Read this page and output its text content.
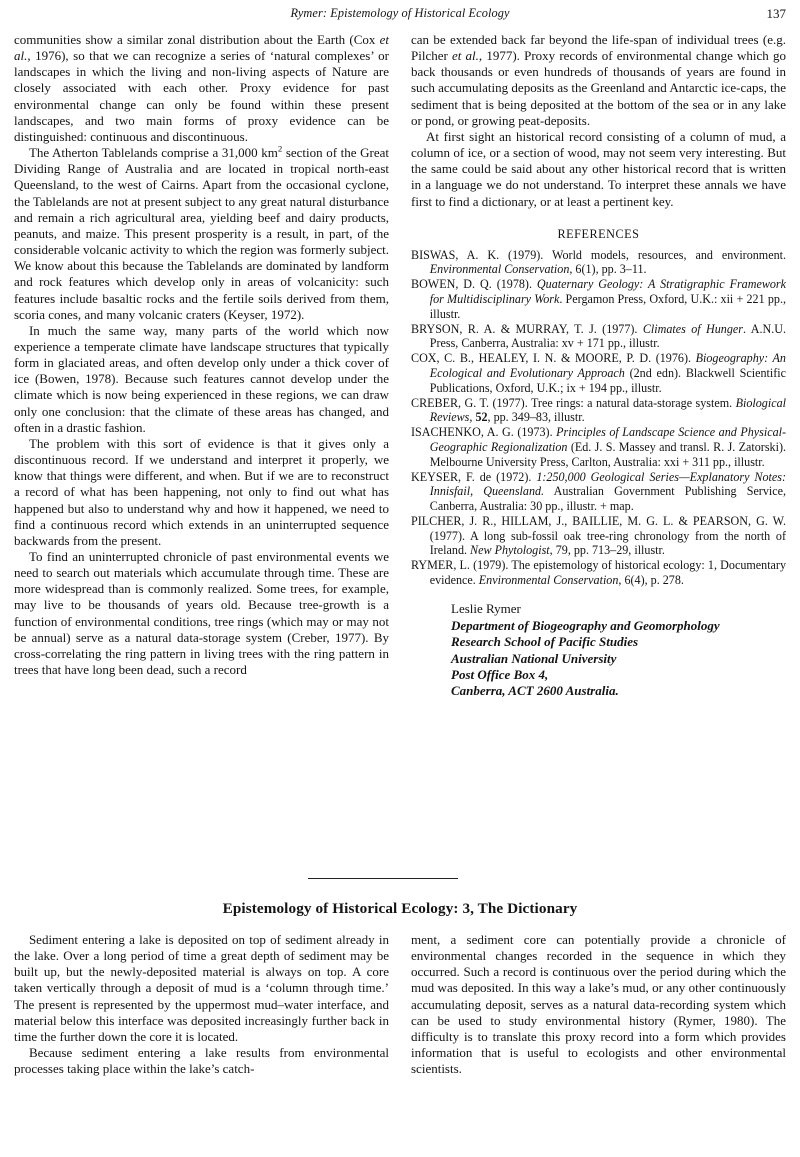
Rymer: Epistemology of Historical Ecology	137

communities show a similar zonal distribution about the Earth (Cox et al., 1976), so that we can recognize a series of ‘natural complexes’ or landscapes in which the living and non-living aspects of Nature are closely associated with each other. Proxy evidence for past environmental change can only be found within these present landscapes, and two main forms of proxy evidence can be distinguished: continuous and discontinuous.

The Atherton Tablelands comprise a 31,000 $km^2$ section of the Great Dividing Range of Australia and are located in tropical north-east Queensland, to the west of Cairns. Apart from the occasional cyclone, the Tablelands are not at present subject to any great natural disturbance and remain a rich agricultural area, yielding beef and dairy products, peanuts, and maize. This present prosperity is a result, in part, of the considerable volcanic activity to which the region was formerly subject. We know about this because the Tablelands are dominated by landform and rock features which develop only in areas of volcanicity: such features include basaltic rocks and the fertile soils derived from them, scoria cones, and many volcanic craters (Keyser, 1972).

In much the same way, many parts of the world which now experience a temperate climate have landscape structures that typically form in glaciated areas, and often develop only under a thick cover of ice (Bowen, 1978). Because such features cannot develop under the climate which is now being experienced in these regions, we can draw only one conclusion: that the climate of these areas has changed, and often in a drastic fashion.

The problem with this sort of evidence is that it gives only a discontinuous record. If we understand and interpret it properly, we know that things were different, and when. But if we are to reconstruct a record of what has been happening, not only to find out what has happened but also to understand why and how it happened, we need to find a continuous record which extends in an uninterrupted sequence backwards from the present.

To find an uninterrupted chronicle of past environmental events we need to search out materials which accumulate through time. These are more widespread than is commonly realized. Some trees, for example, may live to be thousands of years old. Because tree-growth is a function of environmental conditions, tree rings (which may or may not be annual) serve as a natural data-storage system (Creber, 1977). By cross-correlating the ring pattern in living trees with the ring pattern in trees that have long been dead, such a record

can be extended back far beyond the life-span of individual trees (e.g. Pilcher et al., 1977). Proxy records of environmental change which go back thousands or even hundreds of thousands of years are found in such accumulating deposits as the Greenland and Antarctic ice-caps, the sediment that is being deposited at the bottom of the sea or in any lake or pond, or growing peat-deposits.

At first sight an historical record consisting of a column of mud, a column of ice, or a section of wood, may not seem very interesting. But the same could be said about any other historical record that is written in a language we do not understand. To interpret these annals we have first to find a dictionary, or at least a pertinent key.

REFERENCES
BISWAS, A. K. (1979). World models, resources, and environment. Environmental Conservation, 6(1), pp. 3–11.
BOWEN, D. Q. (1978). Quaternary Geology: A Stratigraphic Framework for Multidisciplinary Work. Pergamon Press, Oxford, U.K.: xii + 221 pp., illustr.
BRYSON, R. A. & MURRAY, T. J. (1977). Climates of Hunger. A.N.U. Press, Canberra, Australia: xv + 171 pp., illustr.
COX, C. B., HEALEY, I. N. & MOORE, P. D. (1976). Biogeography: An Ecological and Evolutionary Approach (2nd edn). Blackwell Scientific Publications, Oxford, U.K.; ix + 194 pp., illustr.
CREBER, G. T. (1977). Tree rings: a natural data-storage system. Biological Reviews, 52, pp. 349–83, illustr.
ISACHENKO, A. G. (1973). Principles of Landscape Science and Physical-Geographic Regionalization (Ed. J. S. Massey and transl. R. J. Zatorski). Melbourne University Press, Carlton, Australia: xxi + 311 pp., illustr.
KEYSER, F. de (1972). 1:250,000 Geological Series—Explanatory Notes: Innisfail, Queensland. Australian Government Publishing Service, Canberra, Australia: 30 pp., illustr. + map.
PILCHER, J. R., HILLAM, J., BAILLIE, M. G. L. & PEARSON, G. W. (1977). A long sub-fossil oak tree-ring chronology from the north of Ireland. New Phytologist, 79, pp. 713–29, illustr.
RYMER, L. (1979). The epistemology of historical ecology: 1, Documentary evidence. Environmental Conservation, 6(4), p. 278.
Leslie Rymer
Department of Biogeography and Geomorphology
Research School of Pacific Studies
Australian National University
Post Office Box 4,
Canberra, ACT 2600 Australia.
Epistemology of Historical Ecology: 3, The Dictionary

Sediment entering a lake is deposited on top of sediment already in the lake. Over a long period of time a great depth of sediment may be built up, but the newly-deposited material is always on top. A core taken vertically through a deposit of mud is a ‘column through time.’ The present is represented by the uppermost mud–water interface, and material below this interface was deposited increasingly further back in time the further down the core it is located.

Because sediment entering a lake results from environmental processes taking place within the lake’s catch-

ment, a sediment core can potentially provide a chronicle of environmental changes recorded in the sequence in which they occurred. Such a record is continuous over the period during which the mud was deposited. In this way a lake’s mud, or any other continuously accumulating deposit, serves as a natural data-recording system which can be used to study environmental history (Rymer, 1980). The difficulty is to translate this proxy record into a form which provides information that is useful to ecologists and other environmental scientists.
